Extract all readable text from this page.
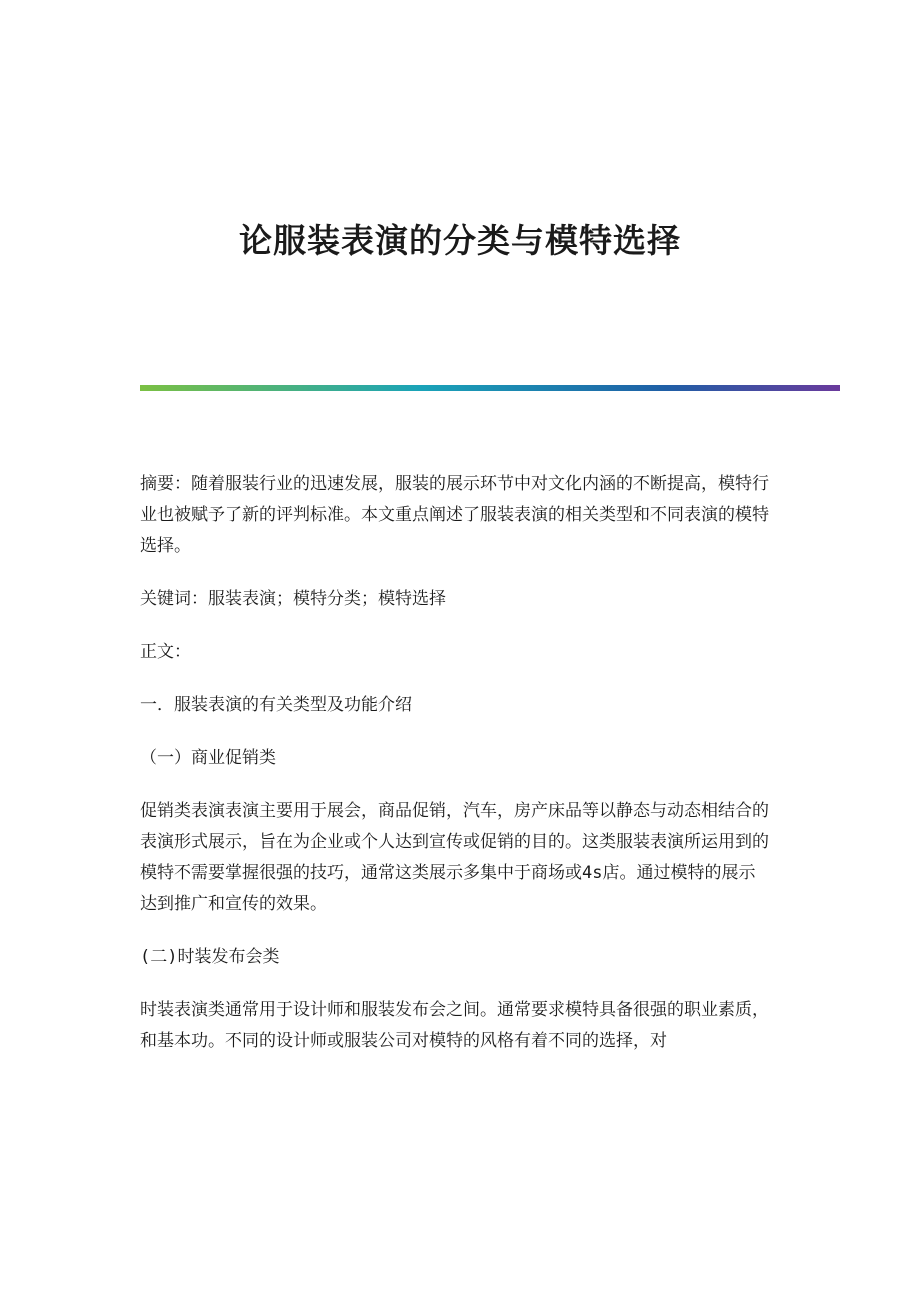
论服装表演的分类与模特选择

摘要：随着服装行业的迅速发展，服装的展示环节中对文化内涵的不断提高，模特行业也被赋予了新的评判标准。本文重点阐述了服装表演的相关类型和不同表演的模特选择。

关键词：服装表演；模特分类；模特选择

正文：

一．服装表演的有关类型及功能介绍

（一）商业促销类

促销类表演表演主要用于展会，商品促销，汽车，房产床品等以静态与动态相结合的表演形式展示，旨在为企业或个人达到宣传或促销的目的。这类服装表演所运用到的模特不需要掌握很强的技巧，通常这类展示多集中于商场或4s店。通过模特的展示达到推广和宣传的效果。

(二)时装发布会类

时装表演类通常用于设计师和服装发布会之间。通常要求模特具备很强的职业素质，和基本功。不同的设计师或服装公司对模特的风格有着不同的选择，对
